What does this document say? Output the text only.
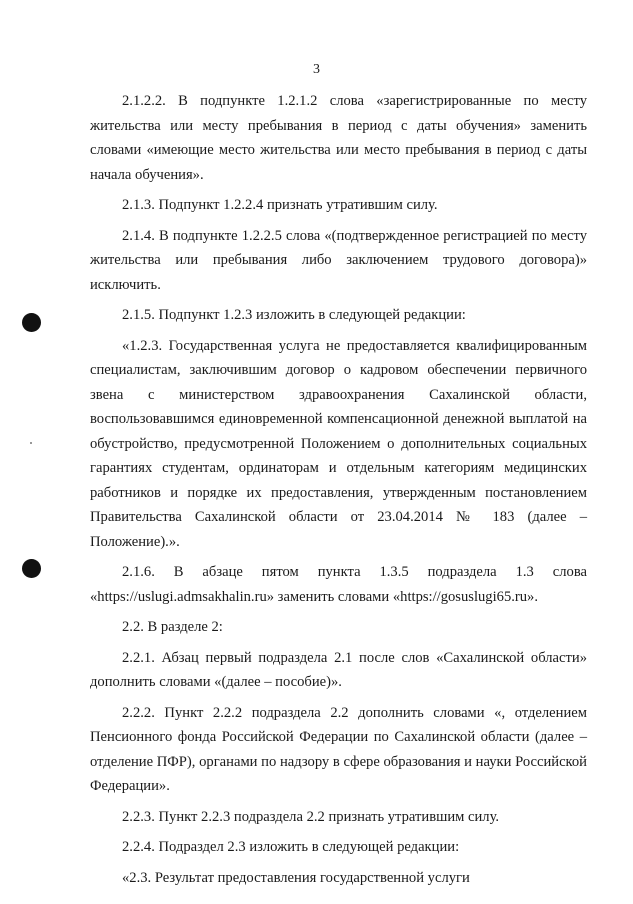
3

2.1.2.2. В подпункте 1.2.1.2 слова «зарегистрированные по месту жительства или месту пребывания в период с даты обучения» заменить словами «имеющие место жительства или место пребывания в период с даты начала обучения».

2.1.3. Подпункт 1.2.2.4 признать утратившим силу.

2.1.4. В подпункте 1.2.2.5 слова «(подтвержденное регистрацией по месту жительства или пребывания либо заключением трудового договора)» исключить.

2.1.5. Подпункт 1.2.3 изложить в следующей редакции:

«1.2.3. Государственная услуга не предоставляется квалифицированным специалистам, заключившим договор о кадровом обеспечении первичного звена с министерством здравоохранения Сахалинской области, воспользовавшимся единовременной компенсационной денежной выплатой на обустройство, предусмотренной Положением о дополнительных социальных гарантиях студентам, ординаторам и отдельным категориям медицинских работников и порядке их предоставления, утвержденным постановлением Правительства Сахалинской области от 23.04.2014 № 183 (далее – Положение).».

2.1.6. В абзаце пятом пункта 1.3.5 подраздела 1.3 слова «https://uslugi.admsakhalin.ru» заменить словами «https://gosuslugi65.ru».

2.2. В разделе 2:

2.2.1. Абзац первый подраздела 2.1 после слов «Сахалинской области» дополнить словами «(далее – пособие)».

2.2.2. Пункт 2.2.2 подраздела 2.2 дополнить словами «, отделением Пенсионного фонда Российской Федерации по Сахалинской области (далее – отделение ПФР), органами по надзору в сфере образования и науки Российской Федерации».

2.2.3. Пункт 2.2.3 подраздела 2.2 признать утратившим силу.

2.2.4. Подраздел 2.3 изложить в следующей редакции:

«2.3. Результат предоставления государственной услуги
